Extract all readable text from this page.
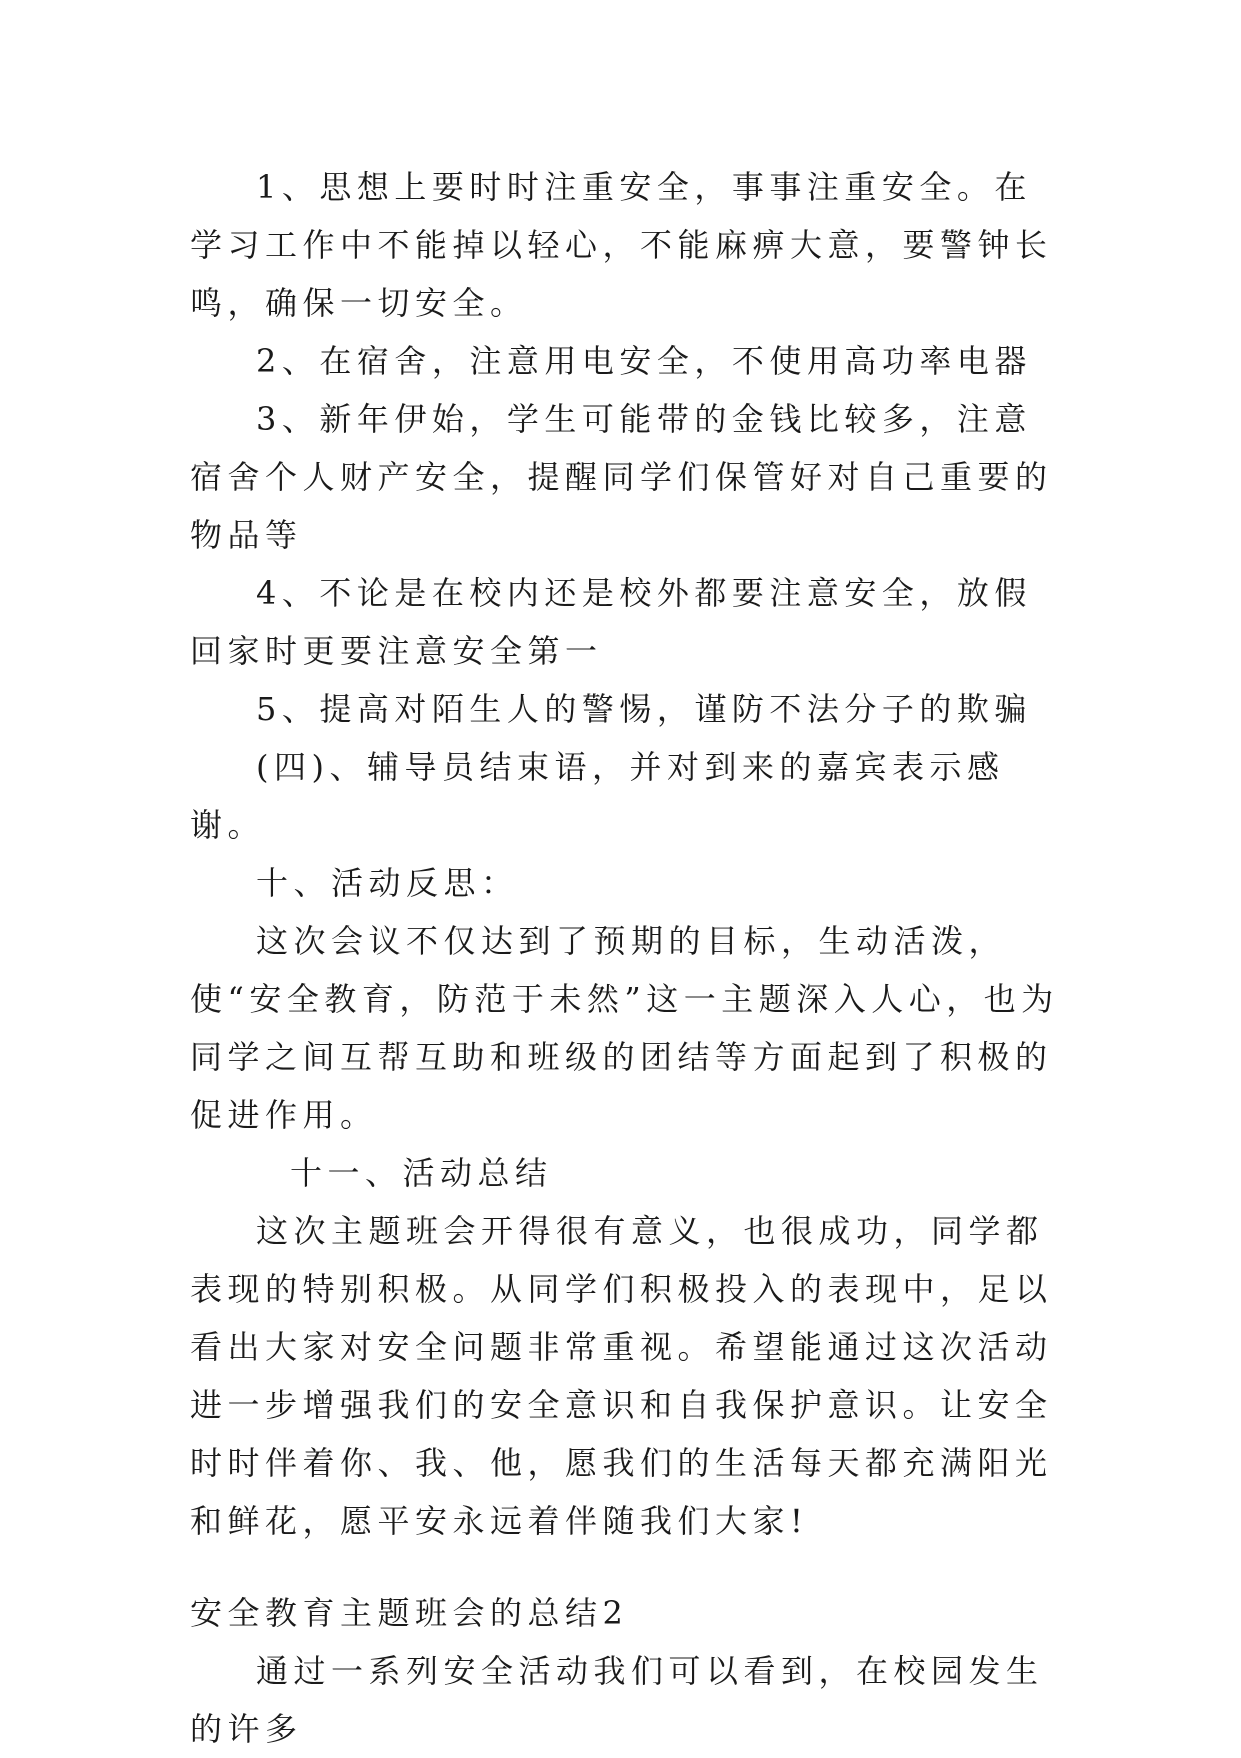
1、思想上要时时注重安全，事事注重安全。在学习工作中不能掉以轻心，不能麻痹大意，要警钟长鸣，确保一切安全。

2、在宿舍，注意用电安全，不使用高功率电器

3、新年伊始，学生可能带的金钱比较多，注意宿舍个人财产安全，提醒同学们保管好对自己重要的物品等

4、不论是在校内还是校外都要注意安全，放假回家时更要注意安全第一

5、提高对陌生人的警惕，谨防不法分子的欺骗

(四)、辅导员结束语，并对到来的嘉宾表示感谢。

十、活动反思：

这次会议不仅达到了预期的目标，生动活泼，使“安全教育，防范于未然”这一主题深入人心，也为同学之间互帮互助和班级的团结等方面起到了积极的促进作用。

十一、活动总结

这次主题班会开得很有意义，也很成功，同学都表现的特别积极。从同学们积极投入的表现中，足以看出大家对安全问题非常重视。希望能通过这次活动进一步增强我们的安全意识和自我保护意识。让安全时时伴着你、我、他，愿我们的生活每天都充满阳光和鲜花，愿平安永远着伴随我们大家!

安全教育主题班会的总结2

通过一系列安全活动我们可以看到，在校园发生的许多
